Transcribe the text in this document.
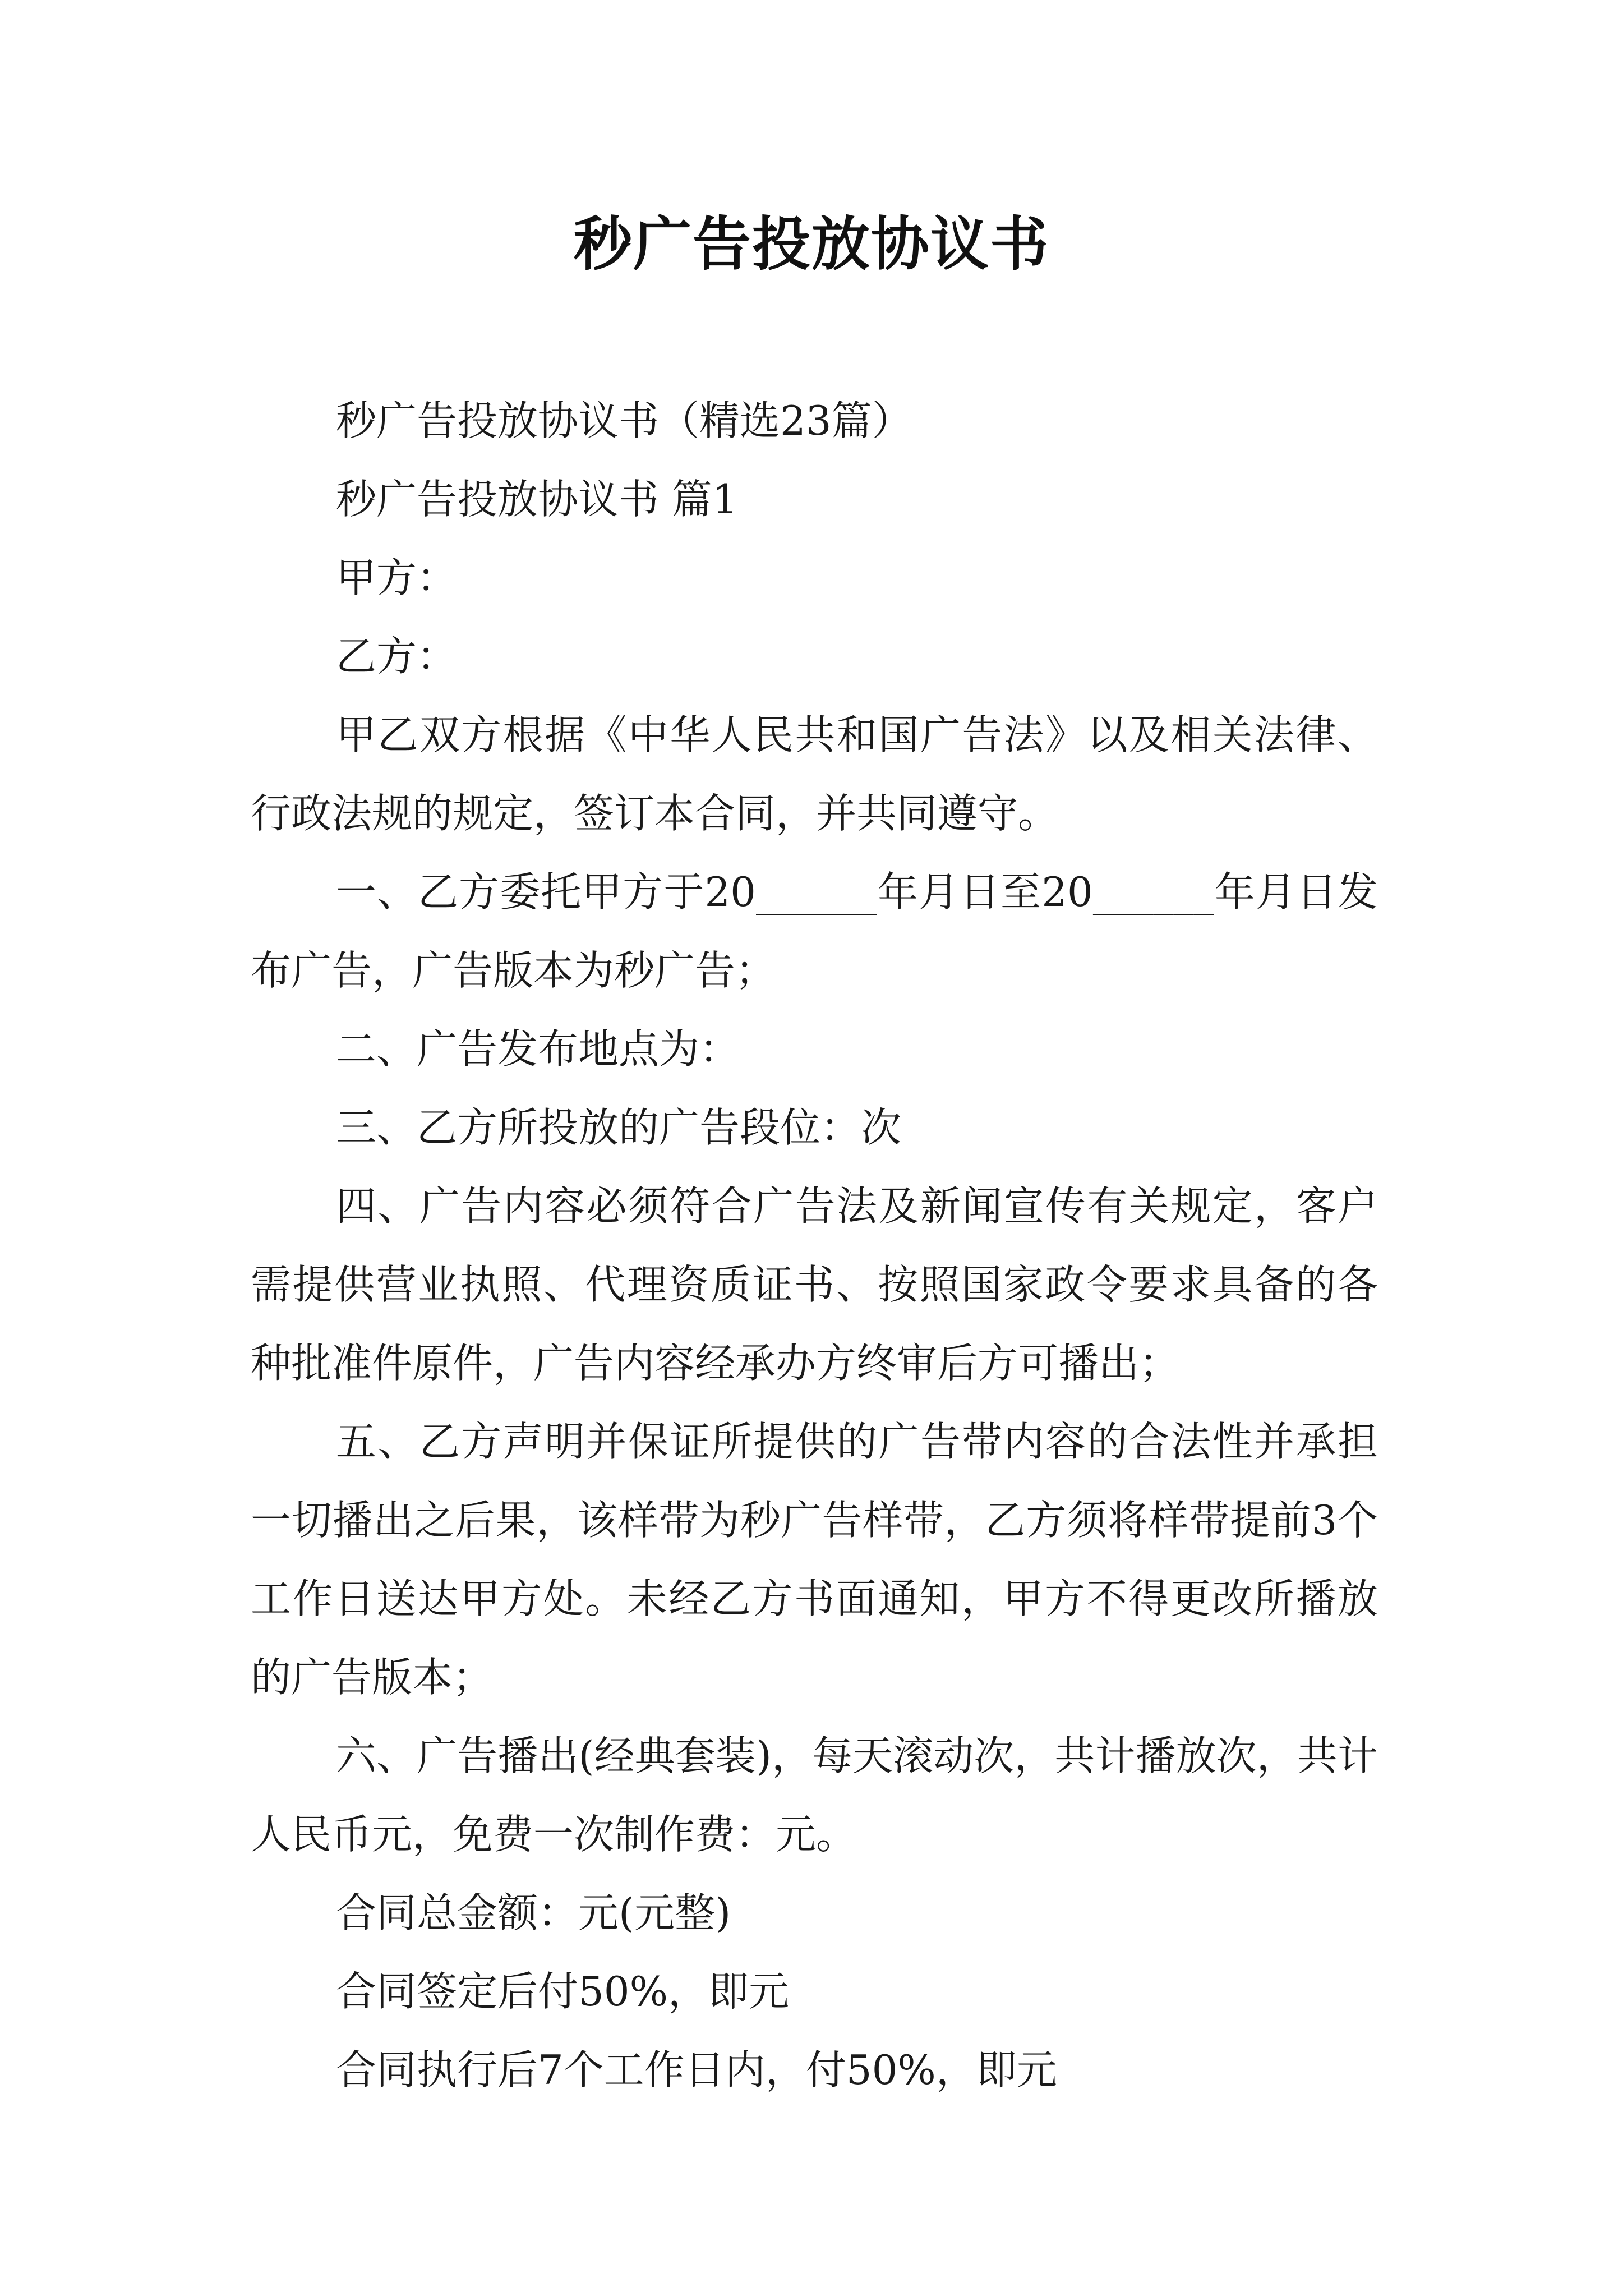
秒广告投放协议书

秒广告投放协议书（精选23篇）

秒广告投放协议书 篇1

甲方：

乙方：

甲乙双方根据《中华人民共和国广告法》以及相关法律、行政法规的规定，签订本合同，并共同遵守。

一、乙方委托甲方于20______年月日至20______年月日发布广告，广告版本为秒广告；

二、广告发布地点为：

三、乙方所投放的广告段位：次

四、广告内容必须符合广告法及新闻宣传有关规定，客户需提供营业执照、代理资质证书、按照国家政令要求具备的各种批准件原件，广告内容经承办方终审后方可播出；

五、乙方声明并保证所提供的广告带内容的合法性并承担一切播出之后果，该样带为秒广告样带，乙方须将样带提前3个工作日送达甲方处。未经乙方书面通知，甲方不得更改所播放的广告版本；

六、广告播出(经典套装)，每天滚动次，共计播放次，共计人民币元，免费一次制作费：元。

合同总金额：元(元整)

合同签定后付50%，即元

合同执行后7个工作日内，付50%，即元
